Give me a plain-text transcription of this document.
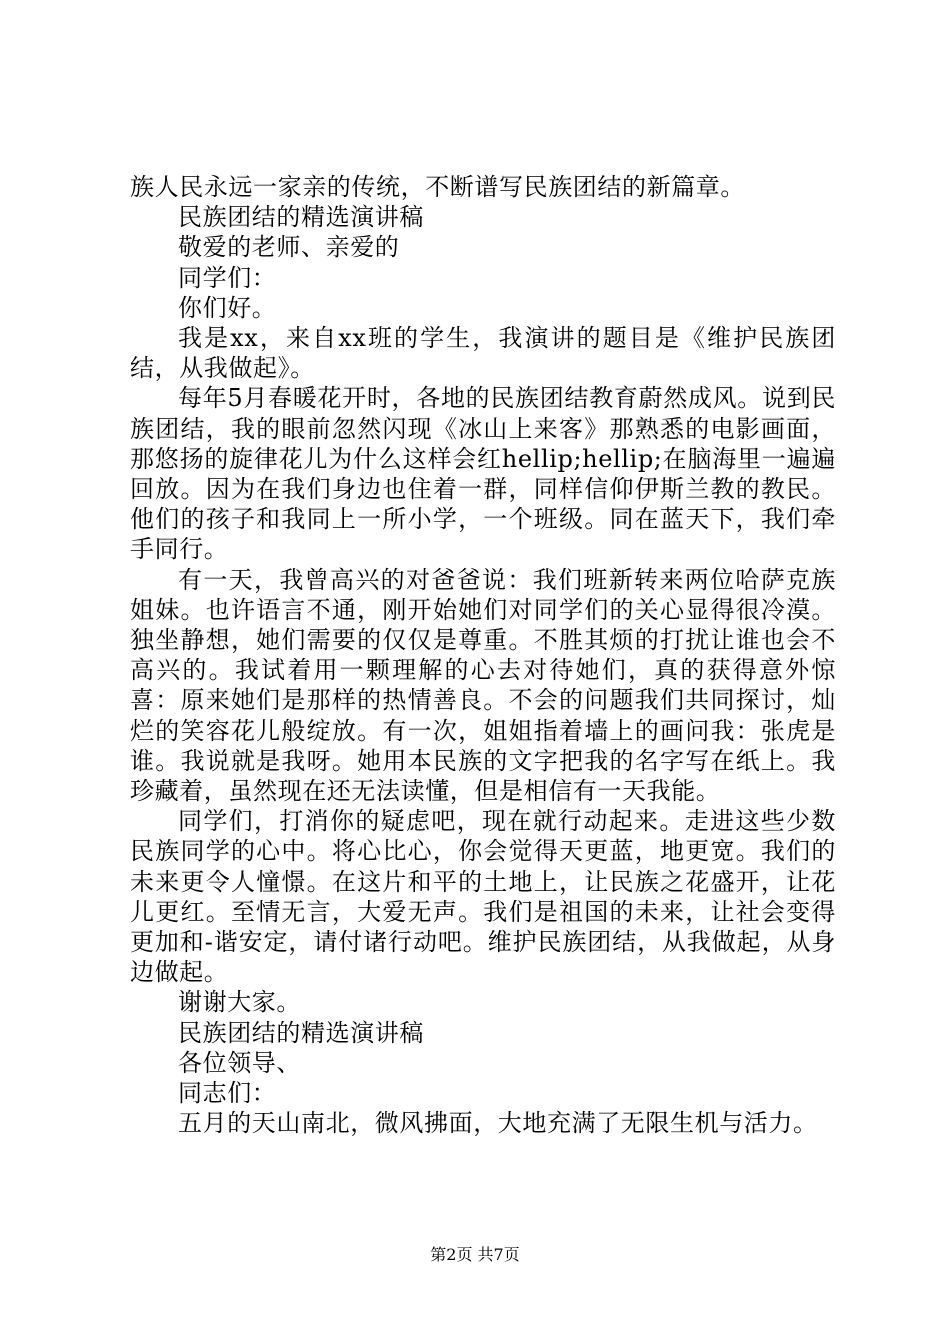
族人民永远一家亲的传统，不断谱写民族团结的新篇章。

民族团结的精选演讲稿

敬爱的老师、亲爱的

同学们：

你们好。

我是xx，来自xx班的学生，我演讲的题目是《维护民族团结，从我做起》。

每年5月春暖花开时，各地的民族团结教育蔚然成风。说到民族团结，我的眼前忽然闪现《冰山上来客》那熟悉的电影画面，那悠扬的旋律花儿为什么这样会红hellip;hellip;在脑海里一遍遍回放。因为在我们身边也住着一群，同样信仰伊斯兰教的教民。他们的孩子和我同上一所小学，一个班级。同在蓝天下，我们牵手同行。

有一天，我曾高兴的对爸爸说：我们班新转来两位哈萨克族姐妹。也许语言不通，刚开始她们对同学们的关心显得很冷漠。独坐静想，她们需要的仅仅是尊重。不胜其烦的打扰让谁也会不高兴的。我试着用一颗理解的心去对待她们，真的获得意外惊喜：原来她们是那样的热情善良。不会的问题我们共同探讨，灿烂的笑容花儿般绽放。有一次，姐姐指着墙上的画问我：张虎是谁。我说就是我呀。她用本民族的文字把我的名字写在纸上。我珍藏着，虽然现在还无法读懂，但是相信有一天我能。

同学们，打消你的疑虑吧，现在就行动起来。走进这些少数民族同学的心中。将心比心，你会觉得天更蓝，地更宽。我们的未来更令人憧憬。在这片和平的土地上，让民族之花盛开，让花儿更红。至情无言，大爱无声。我们是祖国的未来，让社会变得更加和-谐安定，请付诸行动吧。维护民族团结，从我做起，从身边做起。

谢谢大家。

民族团结的精选演讲稿

各位领导、

同志们：

五月的天山南北，微风拂面，大地充满了无限生机与活力。

第2页 共7页
